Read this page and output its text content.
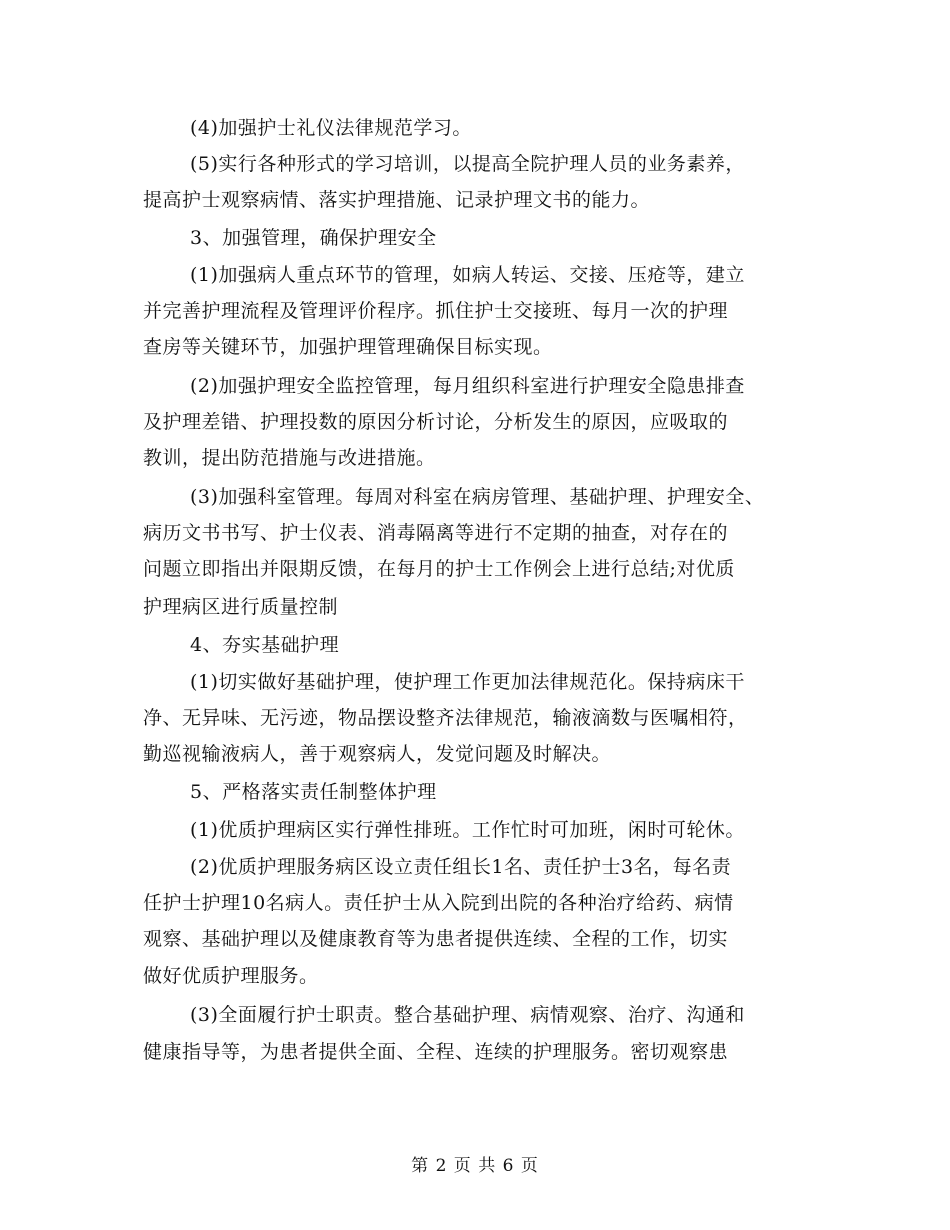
(4)加强护士礼仪法律规范学习。
(5)实行各种形式的学习培训，以提高全院护理人员的业务素养，
提高护士观察病情、落实护理措施、记录护理文书的能力。
3、加强管理，确保护理安全
(1)加强病人重点环节的管理，如病人转运、交接、压疮等，建立
并完善护理流程及管理评价程序。抓住护士交接班、每月一次的护理
查房等关键环节，加强护理管理确保目标实现。
(2)加强护理安全监控管理，每月组织科室进行护理安全隐患排查
及护理差错、护理投数的原因分析讨论，分析发生的原因，应吸取的
教训，提出防范措施与改进措施。
(3)加强科室管理。每周对科室在病房管理、基础护理、护理安全、
病历文书书写、护士仪表、消毒隔离等进行不定期的抽查，对存在的
问题立即指出并限期反馈，在每月的护士工作例会上进行总结;对优质
护理病区进行质量控制
4、夯实基础护理
(1)切实做好基础护理，使护理工作更加法律规范化。保持病床干
净、无异味、无污迹，物品摆设整齐法律规范，输液滴数与医嘱相符，
勤巡视输液病人，善于观察病人，发觉问题及时解决。
5、严格落实责任制整体护理
(1)优质护理病区实行弹性排班。工作忙时可加班，闲时可轮休。
(2)优质护理服务病区设立责任组长1名、责任护士3名，每名责
任护士护理10名病人。责任护士从入院到出院的各种治疗给药、病情
观察、基础护理以及健康教育等为患者提供连续、全程的工作，切实
做好优质护理服务。
(3)全面履行护士职责。整合基础护理、病情观察、治疗、沟通和
健康指导等，为患者提供全面、全程、连续的护理服务。密切观察患
第 2 页 共 6 页
